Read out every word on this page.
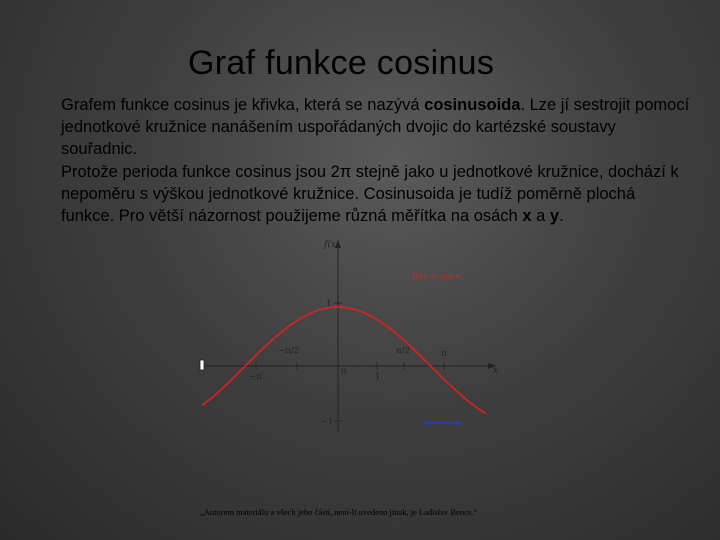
Graf funkce cosinus

Grafem funkce cosinus je křivka, která se nazývá cosinusoida. Lze jí sestrojit pomocí jednotkové kružnice nanášením uspořádaných dvojic do kartézské soustavy souřadnic.

Protože perioda funkce cosinus jsou 2π stejně jako u jednotkové kružnice, dochází k nepoměru s výškou jednotkové kružnice. Cosinusoida je tudíž poměrně plochá funkce. Pro větší názornost použijeme různá měřítka na osách x a y.

f(x)
f(x) = cos x
x
1
−1
0	1
−π/2	π/2
−π
π
„Autorem materiálu a všech jeho částí, není-li uvedeno jinak, je Ladislav Bencs.“
